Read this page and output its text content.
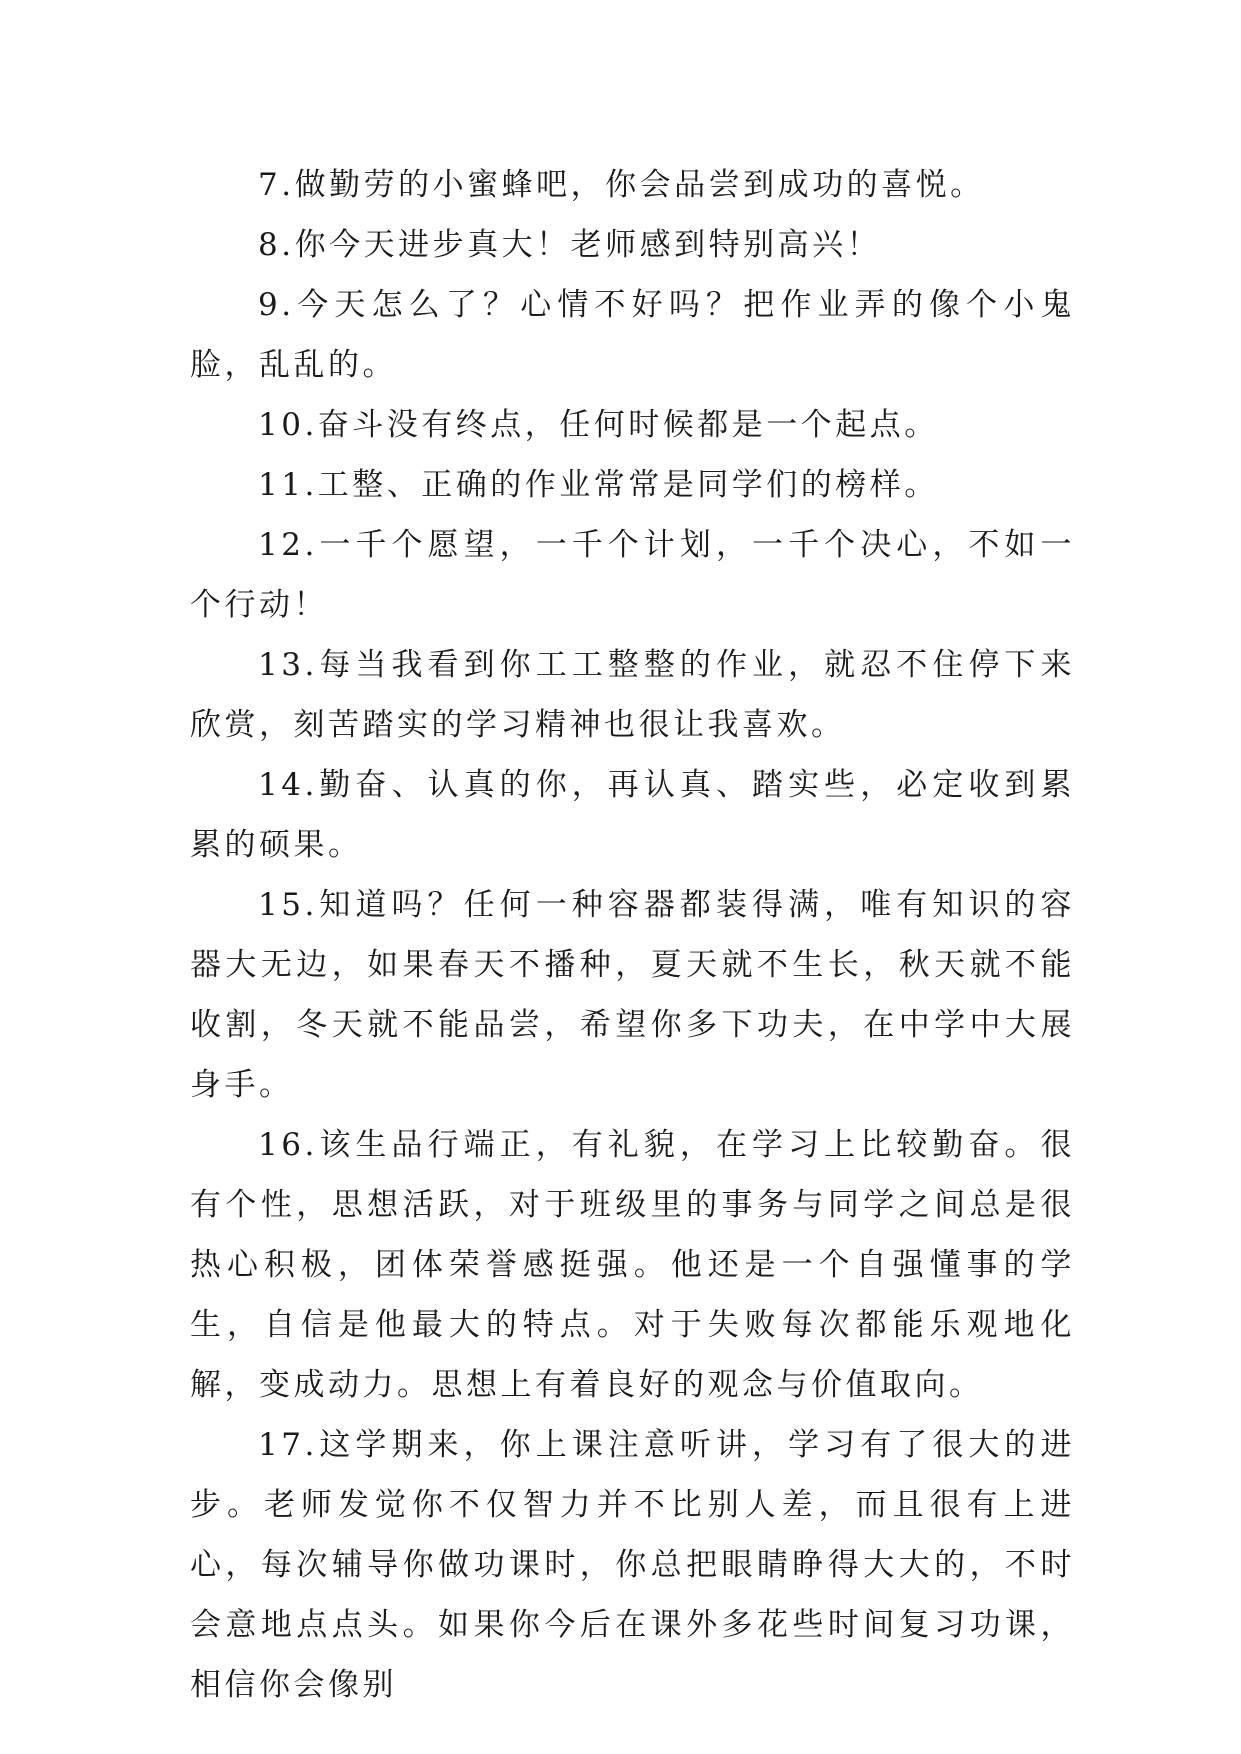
7.做勤劳的小蜜蜂吧，你会品尝到成功的喜悦。

8.你今天进步真大！老师感到特别高兴！

9.今天怎么了？心情不好吗？把作业弄的像个小鬼脸，乱乱的。

10.奋斗没有终点，任何时候都是一个起点。

11.工整、正确的作业常常是同学们的榜样。

12.一千个愿望，一千个计划，一千个决心，不如一个行动！

13.每当我看到你工工整整的作业，就忍不住停下来欣赏，刻苦踏实的学习精神也很让我喜欢。

14.勤奋、认真的你，再认真、踏实些，必定收到累累的硕果。

15.知道吗？任何一种容器都装得满，唯有知识的容器大无边，如果春天不播种，夏天就不生长，秋天就不能收割，冬天就不能品尝，希望你多下功夫，在中学中大展身手。

16.该生品行端正，有礼貌，在学习上比较勤奋。很有个性，思想活跃，对于班级里的事务与同学之间总是很热心积极，团体荣誉感挺强。他还是一个自强懂事的学生，自信是他最大的特点。对于失败每次都能乐观地化解，变成动力。思想上有着良好的观念与价值取向。

17.这学期来，你上课注意听讲，学习有了很大的进步。老师发觉你不仅智力并不比别人差，而且很有上进心，每次辅导你做功课时，你总把眼睛睁得大大的，不时会意地点点头。如果你今后在课外多花些时间复习功课，相信你会像别
